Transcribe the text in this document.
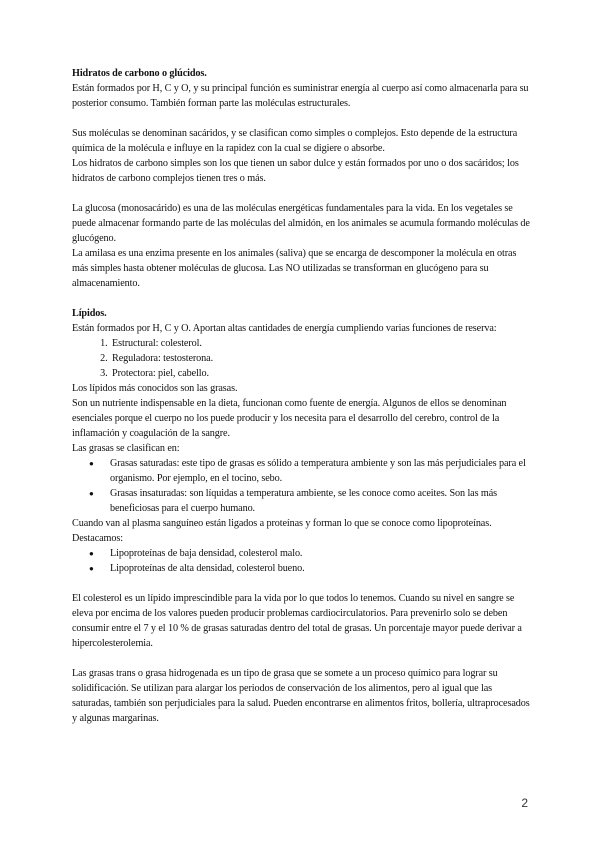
Hidratos de carbono o glúcidos.

Están formados por H, C y O, y su principal función es suministrar energía al cuerpo así como almacenarla para su posterior consumo. También forman parte las moléculas estructurales.

Sus moléculas se denominan sacáridos, y se clasifican como simples o complejos. Esto depende de la estructura química de la molécula e influye en la rapidez con la cual se digiere o absorbe.

Los hidratos de carbono simples son los que tienen un sabor dulce y están formados por uno o dos sacáridos; los hidratos de carbono complejos tienen tres o más.

La glucosa (monosacárido) es una de las moléculas energéticas fundamentales para la vida. En los vegetales se puede almacenar formando parte de las moléculas del almidón, en los animales se acumula formando moléculas de glucógeno.

La amilasa es una enzima presente en los animales (saliva) que se encarga de descomponer la molécula en otras más simples hasta obtener moléculas de glucosa. Las NO utilizadas se transforman en glucógeno para su almacenamiento.

Lípidos.

Están formados por H, C y O. Aportan altas cantidades de energía cumpliendo varias funciones de reserva:

1. Estructural: colesterol.
2. Reguladora: testosterona.
3. Protectora: piel, cabello.

Los lípidos más conocidos son las grasas.

Son un nutriente indispensable en la dieta, funcionan como fuente de energía. Algunos de ellos se denominan esenciales porque el cuerpo no los puede producir y los necesita para el desarrollo del cerebro, control de la inflamación y coagulación de la sangre.

Las grasas se clasifican en:

● Grasas saturadas: este tipo de grasas es sólido a temperatura ambiente y son las más perjudiciales para el organismo. Por ejemplo, en el tocino, sebo.
● Grasas insaturadas: son líquidas a temperatura ambiente, se les conoce como aceites. Son las más beneficiosas para el cuerpo humano.

Cuando van al plasma sanguíneo están ligados a proteínas y forman lo que se conoce como lipoproteínas. Destacamos:

● Lipoproteínas de baja densidad, colesterol malo.
● Lipoproteínas de alta densidad, colesterol bueno.

El colesterol es un lípido imprescindible para la vida por lo que todos lo tenemos. Cuando su nivel en sangre se eleva por encima de los valores pueden producir problemas cardiocirculatorios. Para prevenirlo solo se deben consumir entre el 7 y el 10 % de grasas saturadas dentro del total de grasas. Un porcentaje mayor puede derivar a hipercolesterolemia.

Las grasas trans o grasa hidrogenada es un tipo de grasa que se somete a un proceso químico para lograr su solidificación. Se utilizan para alargar los periodos de conservación de los alimentos, pero al igual que las saturadas, también son perjudiciales para la salud. Pueden encontrarse en alimentos fritos, bollería, ultraprocesados y algunas margarinas.

2
